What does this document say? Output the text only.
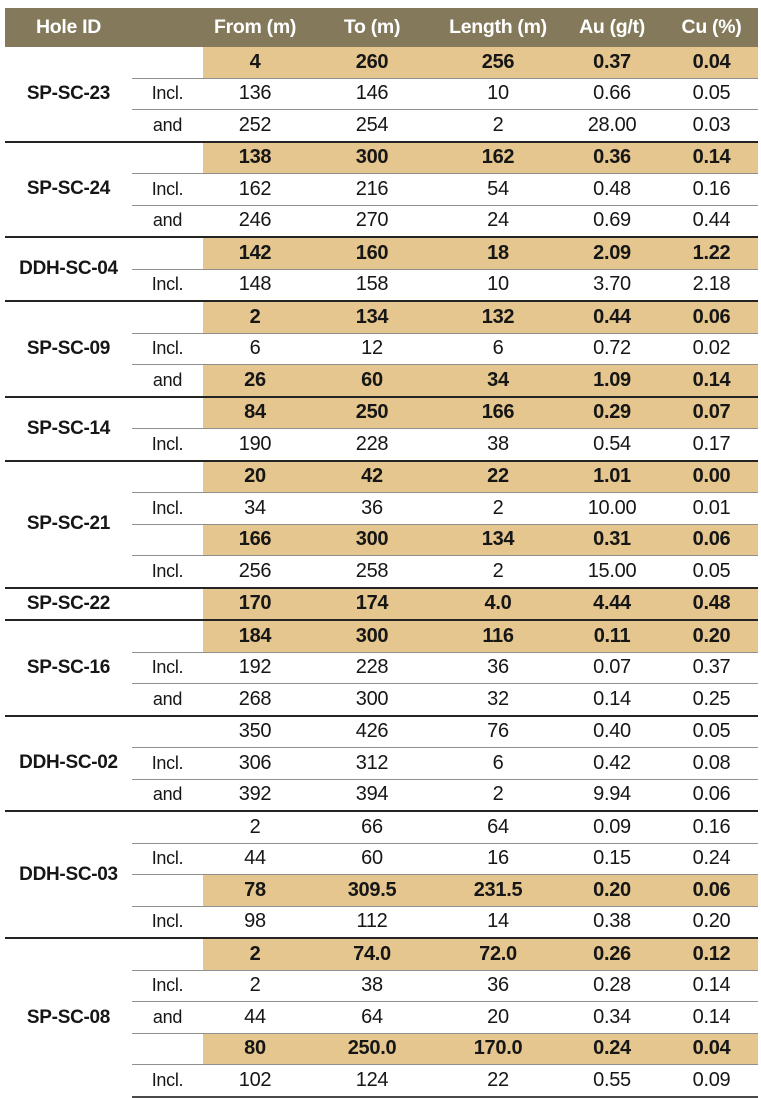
Hole ID		From (m)	To (m)	Length (m)	Au (g/t)	Cu (%)
SP-SC-23		4	260	256	0.37	0.04
	Incl.	136	146	10	0.66	0.05
	and	252	254	2	28.00	0.03
SP-SC-24		138	300	162	0.36	0.14
	Incl.	162	216	54	0.48	0.16
	and	246	270	24	0.69	0.44
DDH-SC-04		142	160	18	2.09	1.22
	Incl.	148	158	10	3.70	2.18
SP-SC-09		2	134	132	0.44	0.06
	Incl.	6	12	6	0.72	0.02
	and	26	60	34	1.09	0.14
SP-SC-14		84	250	166	0.29	0.07
	Incl.	190	228	38	0.54	0.17
SP-SC-21		20	42	22	1.01	0.00
	Incl.	34	36	2	10.00	0.01
		166	300	134	0.31	0.06
	Incl.	256	258	2	15.00	0.05
SP-SC-22		170	174	4.0	4.44	0.48
SP-SC-16		184	300	116	0.11	0.20
	Incl.	192	228	36	0.07	0.37
	and	268	300	32	0.14	0.25
DDH-SC-02		350	426	76	0.40	0.05
	Incl.	306	312	6	0.42	0.08
	and	392	394	2	9.94	0.06
DDH-SC-03		2	66	64	0.09	0.16
	Incl.	44	60	16	0.15	0.24
		78	309.5	231.5	0.20	0.06
	Incl.	98	112	14	0.38	0.20
SP-SC-08		2	74.0	72.0	0.26	0.12
	Incl.	2	38	36	0.28	0.14
	and	44	64	20	0.34	0.14
		80	250.0	170.0	0.24	0.04
	Incl.	102	124	22	0.55	0.09
